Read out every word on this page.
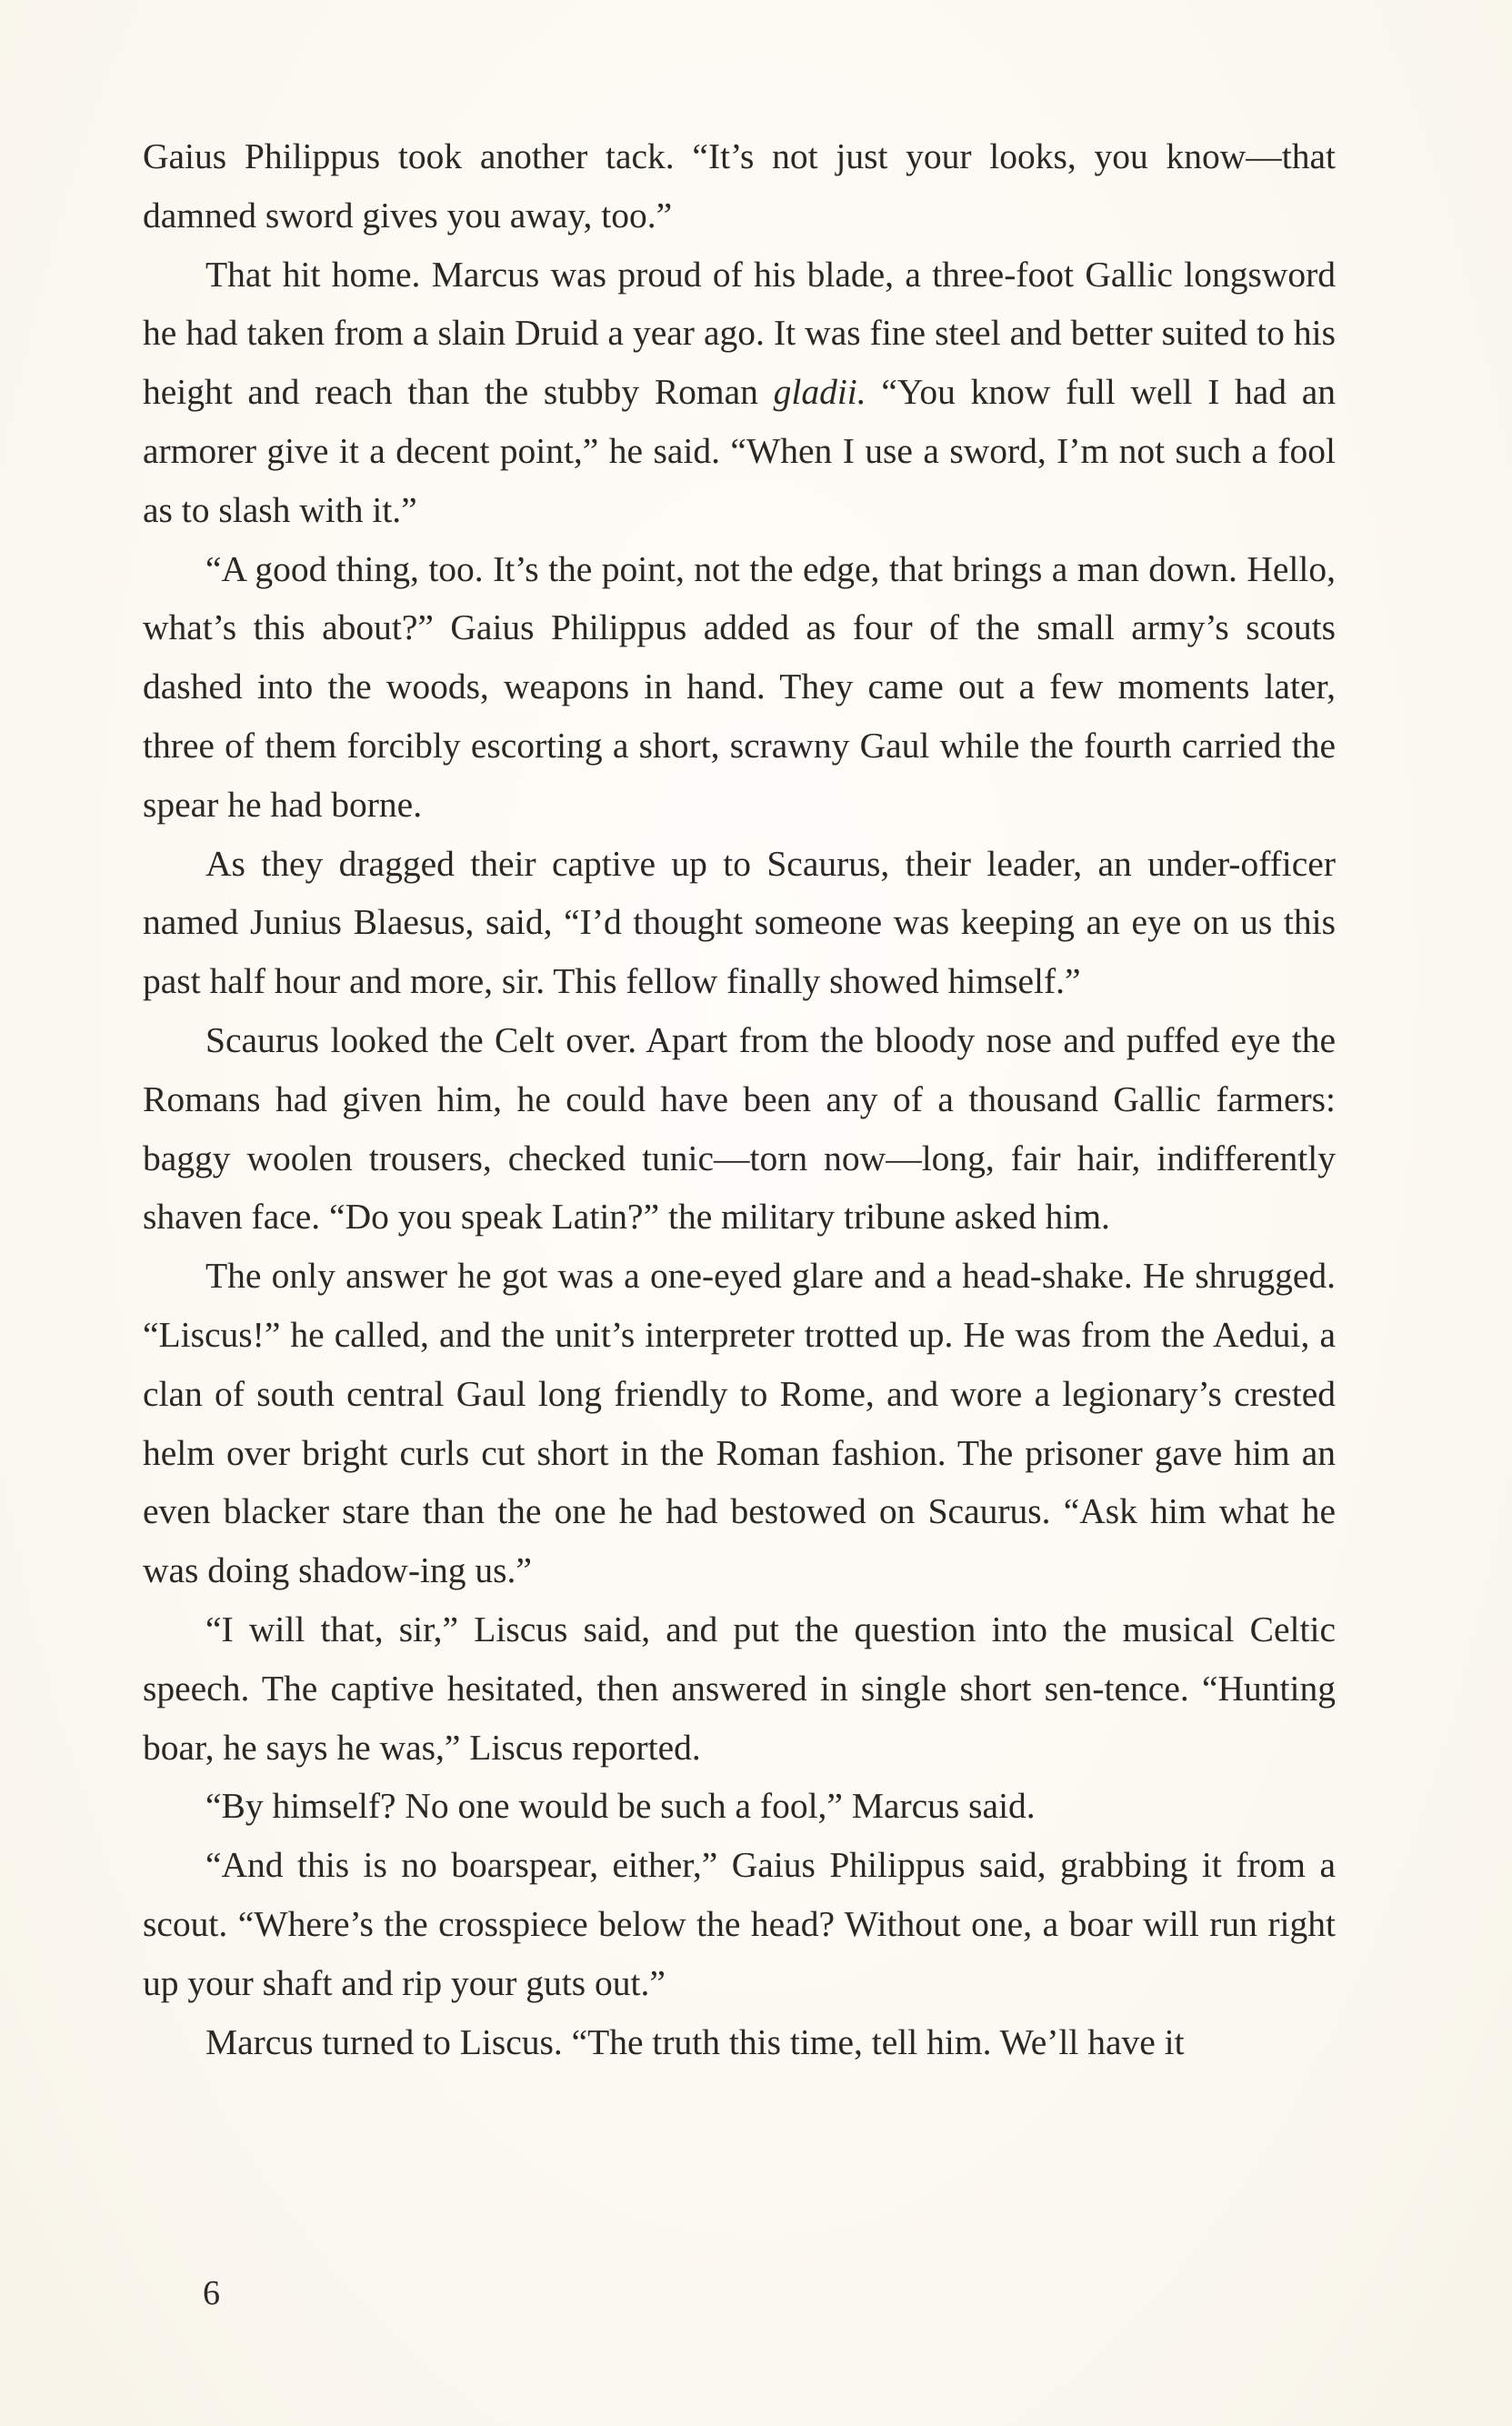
Gaius Philippus took another tack. “It’s not just your looks, you know—that damned sword gives you away, too.”

That hit home. Marcus was proud of his blade, a three-foot Gallic longsword he had taken from a slain Druid a year ago. It was fine steel and better suited to his height and reach than the stubby Roman gladii. “You know full well I had an armorer give it a decent point,” he said. “When I use a sword, I’m not such a fool as to slash with it.”

“A good thing, too. It’s the point, not the edge, that brings a man down. Hello, what’s this about?” Gaius Philippus added as four of the small army’s scouts dashed into the woods, weapons in hand. They came out a few moments later, three of them forcibly escorting a short, scrawny Gaul while the fourth carried the spear he had borne.

As they dragged their captive up to Scaurus, their leader, an under-officer named Junius Blaesus, said, “I’d thought someone was keeping an eye on us this past half hour and more, sir. This fellow finally showed himself.”

Scaurus looked the Celt over. Apart from the bloody nose and puffed eye the Romans had given him, he could have been any of a thousand Gallic farmers: baggy woolen trousers, checked tunic—torn now—long, fair hair, indifferently shaven face. “Do you speak Latin?” the military tribune asked him.

The only answer he got was a one-eyed glare and a head-shake. He shrugged. “Liscus!” he called, and the unit’s interpreter trotted up. He was from the Aedui, a clan of south central Gaul long friendly to Rome, and wore a legionary’s crested helm over bright curls cut short in the Roman fashion. The prisoner gave him an even blacker stare than the one he had bestowed on Scaurus. “Ask him what he was doing shadow-ing us.”

“I will that, sir,” Liscus said, and put the question into the musical Celtic speech. The captive hesitated, then answered in single short sen-tence. “Hunting boar, he says he was,” Liscus reported.

“By himself? No one would be such a fool,” Marcus said.

“And this is no boarspear, either,” Gaius Philippus said, grabbing it from a scout. “Where’s the crosspiece below the head? Without one, a boar will run right up your shaft and rip your guts out.”

Marcus turned to Liscus. “The truth this time, tell him. We’ll have it

6
